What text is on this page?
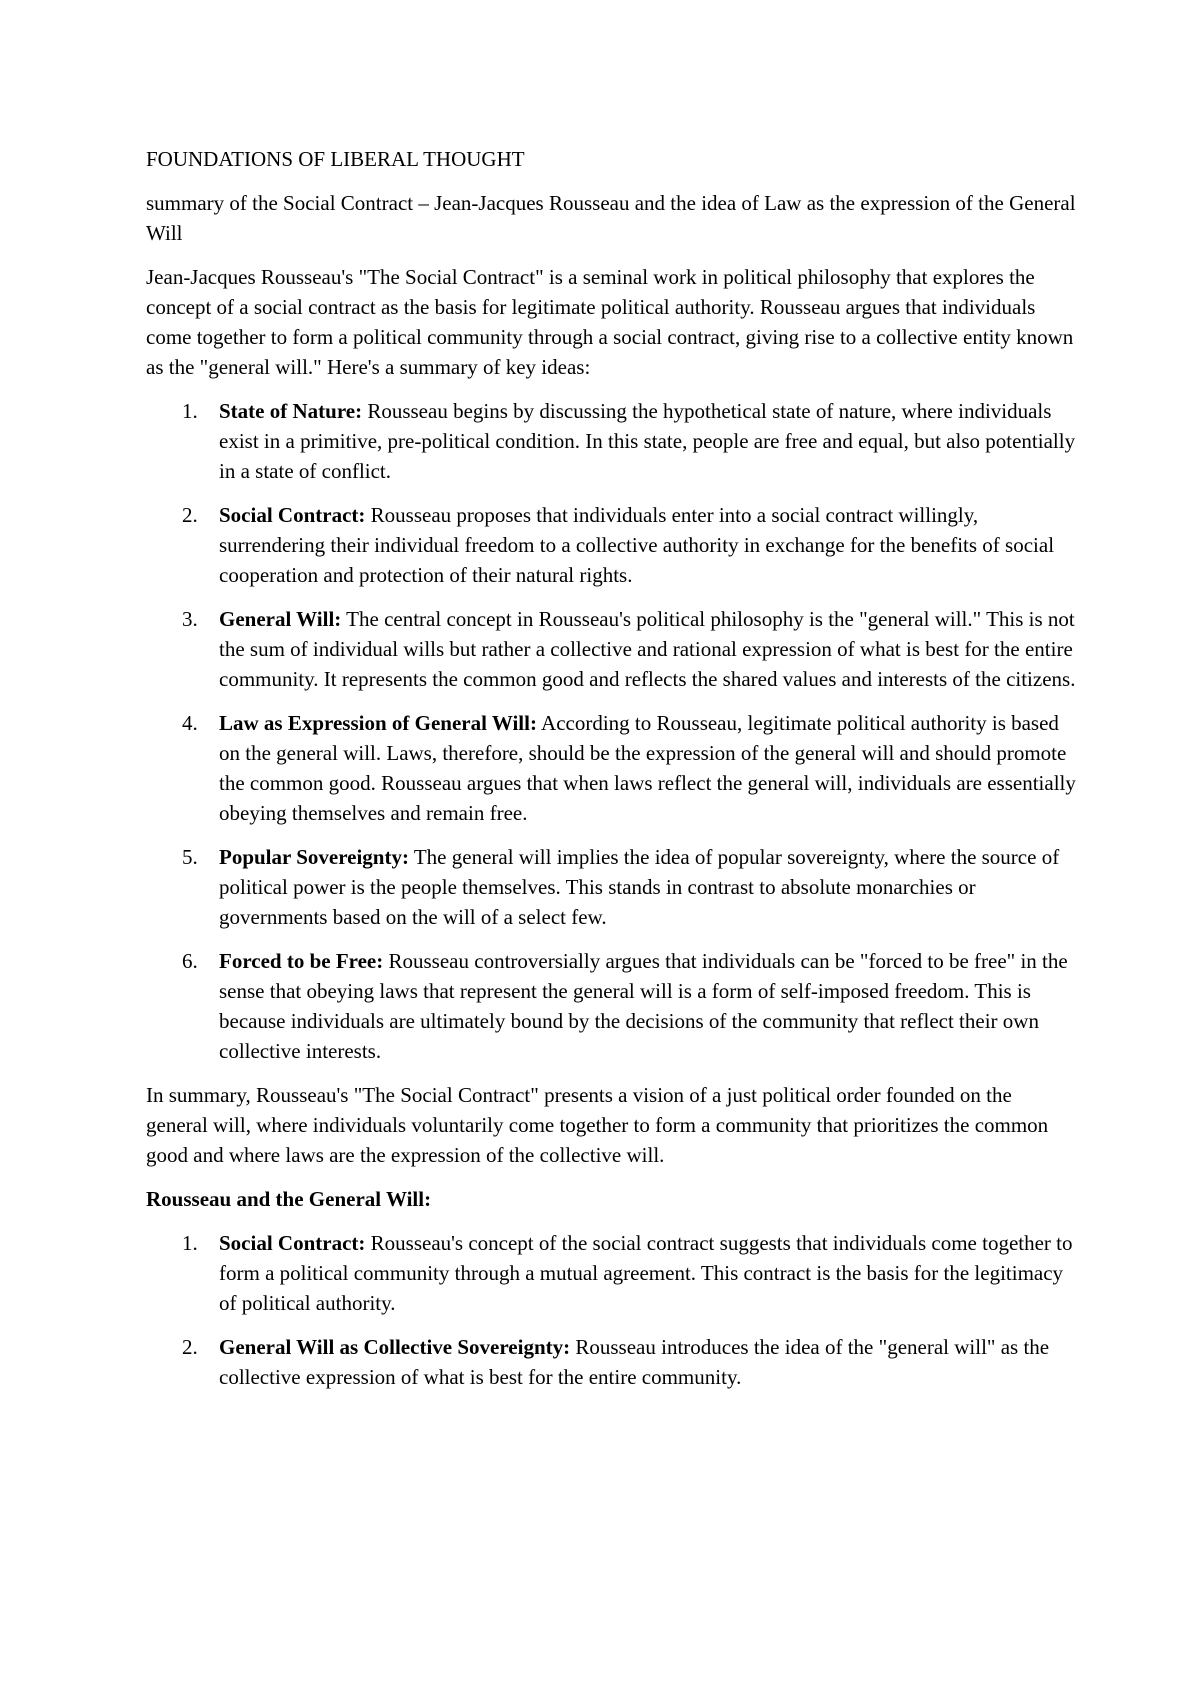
FOUNDATIONS OF LIBERAL THOUGHT

summary of the Social Contract – Jean-Jacques Rousseau and the idea of Law as the expression of the General Will

Jean-Jacques Rousseau's "The Social Contract" is a seminal work in political philosophy that explores the concept of a social contract as the basis for legitimate political authority. Rousseau argues that individuals come together to form a political community through a social contract, giving rise to a collective entity known as the "general will." Here's a summary of key ideas:

1. State of Nature: Rousseau begins by discussing the hypothetical state of nature, where individuals exist in a primitive, pre-political condition. In this state, people are free and equal, but also potentially in a state of conflict.
2. Social Contract: Rousseau proposes that individuals enter into a social contract willingly, surrendering their individual freedom to a collective authority in exchange for the benefits of social cooperation and protection of their natural rights.
3. General Will: The central concept in Rousseau's political philosophy is the "general will." This is not the sum of individual wills but rather a collective and rational expression of what is best for the entire community. It represents the common good and reflects the shared values and interests of the citizens.
4. Law as Expression of General Will: According to Rousseau, legitimate political authority is based on the general will. Laws, therefore, should be the expression of the general will and should promote the common good. Rousseau argues that when laws reflect the general will, individuals are essentially obeying themselves and remain free.
5. Popular Sovereignty: The general will implies the idea of popular sovereignty, where the source of political power is the people themselves. This stands in contrast to absolute monarchies or governments based on the will of a select few.
6. Forced to be Free: Rousseau controversially argues that individuals can be "forced to be free" in the sense that obeying laws that represent the general will is a form of self-imposed freedom. This is because individuals are ultimately bound by the decisions of the community that reflect their own collective interests.

In summary, Rousseau's "The Social Contract" presents a vision of a just political order founded on the general will, where individuals voluntarily come together to form a community that prioritizes the common good and where laws are the expression of the collective will.

Rousseau and the General Will:

1. Social Contract: Rousseau's concept of the social contract suggests that individuals come together to form a political community through a mutual agreement. This contract is the basis for the legitimacy of political authority.
2. General Will as Collective Sovereignty: Rousseau introduces the idea of the "general will" as the collective expression of what is best for the entire community.
